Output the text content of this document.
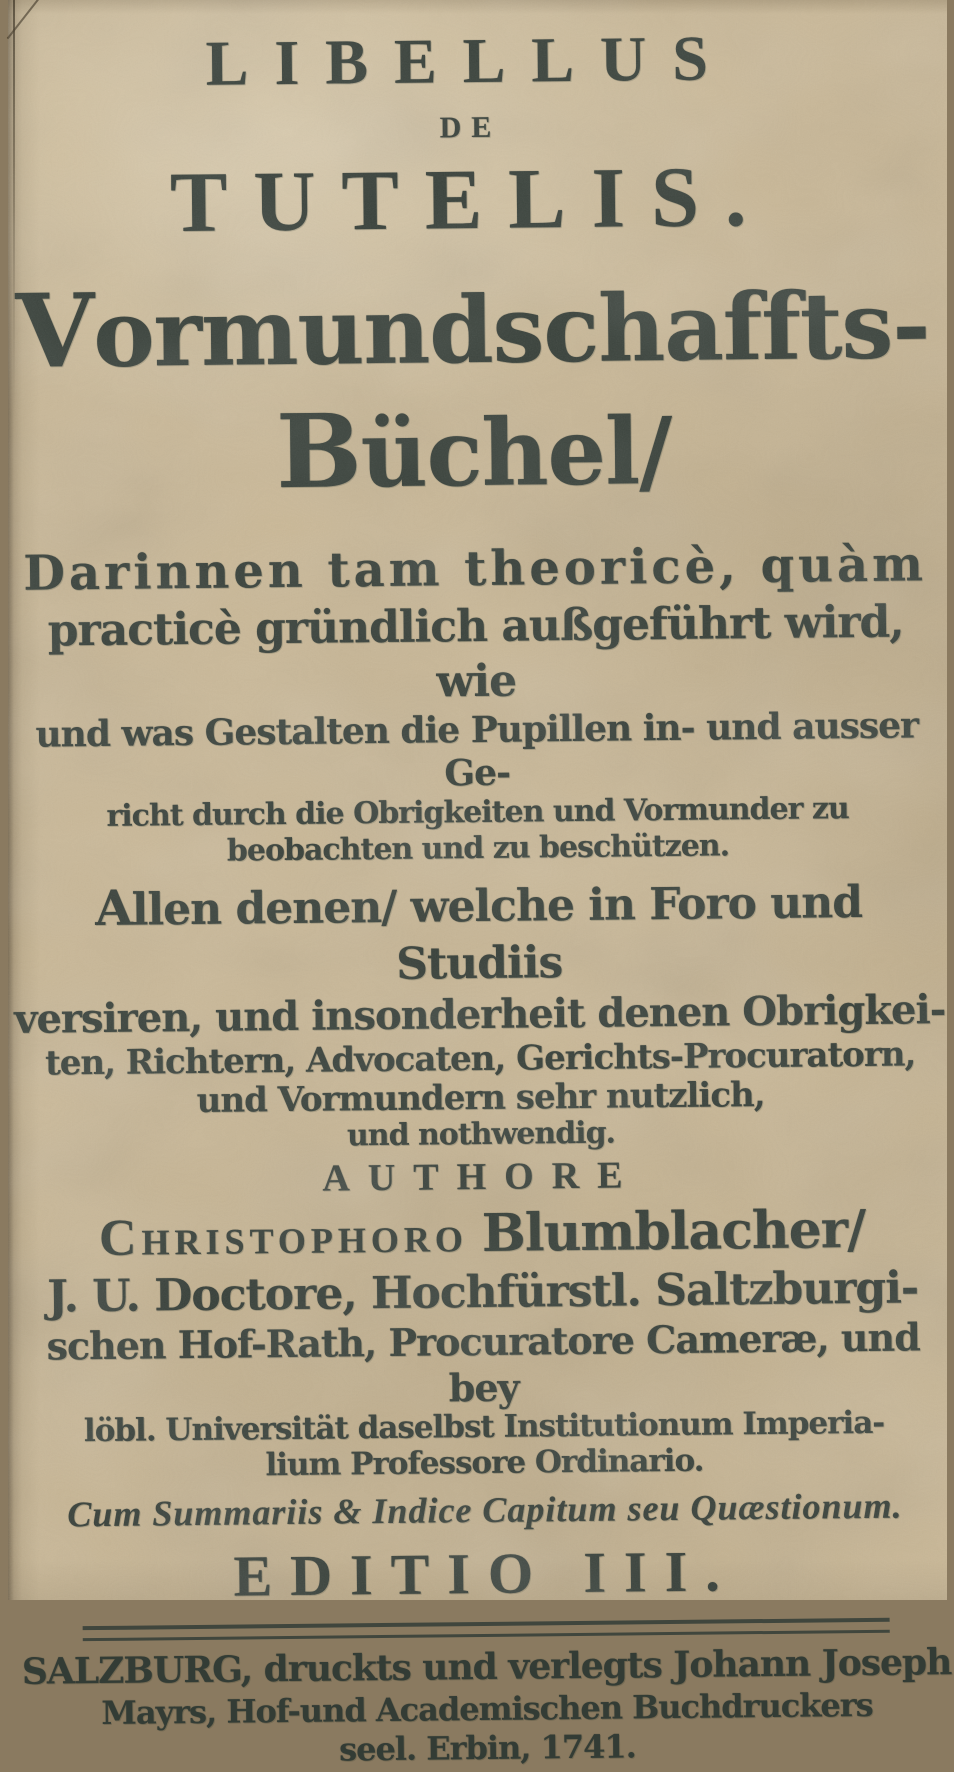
LIBELLUS
DE
TUTELIS.
Vormundschaffts-
Büchel/
Darinnen tam theoricè, quàm
practicè gründlich außgeführt wird, wie
und was Gestalten die Pupillen in- und ausser Ge-
richt durch die Obrigkeiten und Vormunder zu
beobachten und zu beschützen.
Allen denen/ welche in Foro und Studiis
versiren, und insonderheit denen Obrigkei-
ten, Richtern, Advocaten, Gerichts-Procuratorn,
und Vormundern sehr nutzlich,
und nothwendig.
AUTHORE
Christophoro Blumblacher/
J. U. Doctore, Hochfürstl. Saltzburgi-
schen Hof-Rath, Procuratore Cameræ, und bey
löbl. Universität daselbst Institutionum Imperia-
lium Professore Ordinario.
Cum Summariis & Indice Capitum seu Quæstionum.
EDITIO III.
SALZBURG, druckts und verlegts Johann Joseph
Mayrs, Hof-und Academischen Buchdruckers
seel. Erbin, 1741.
